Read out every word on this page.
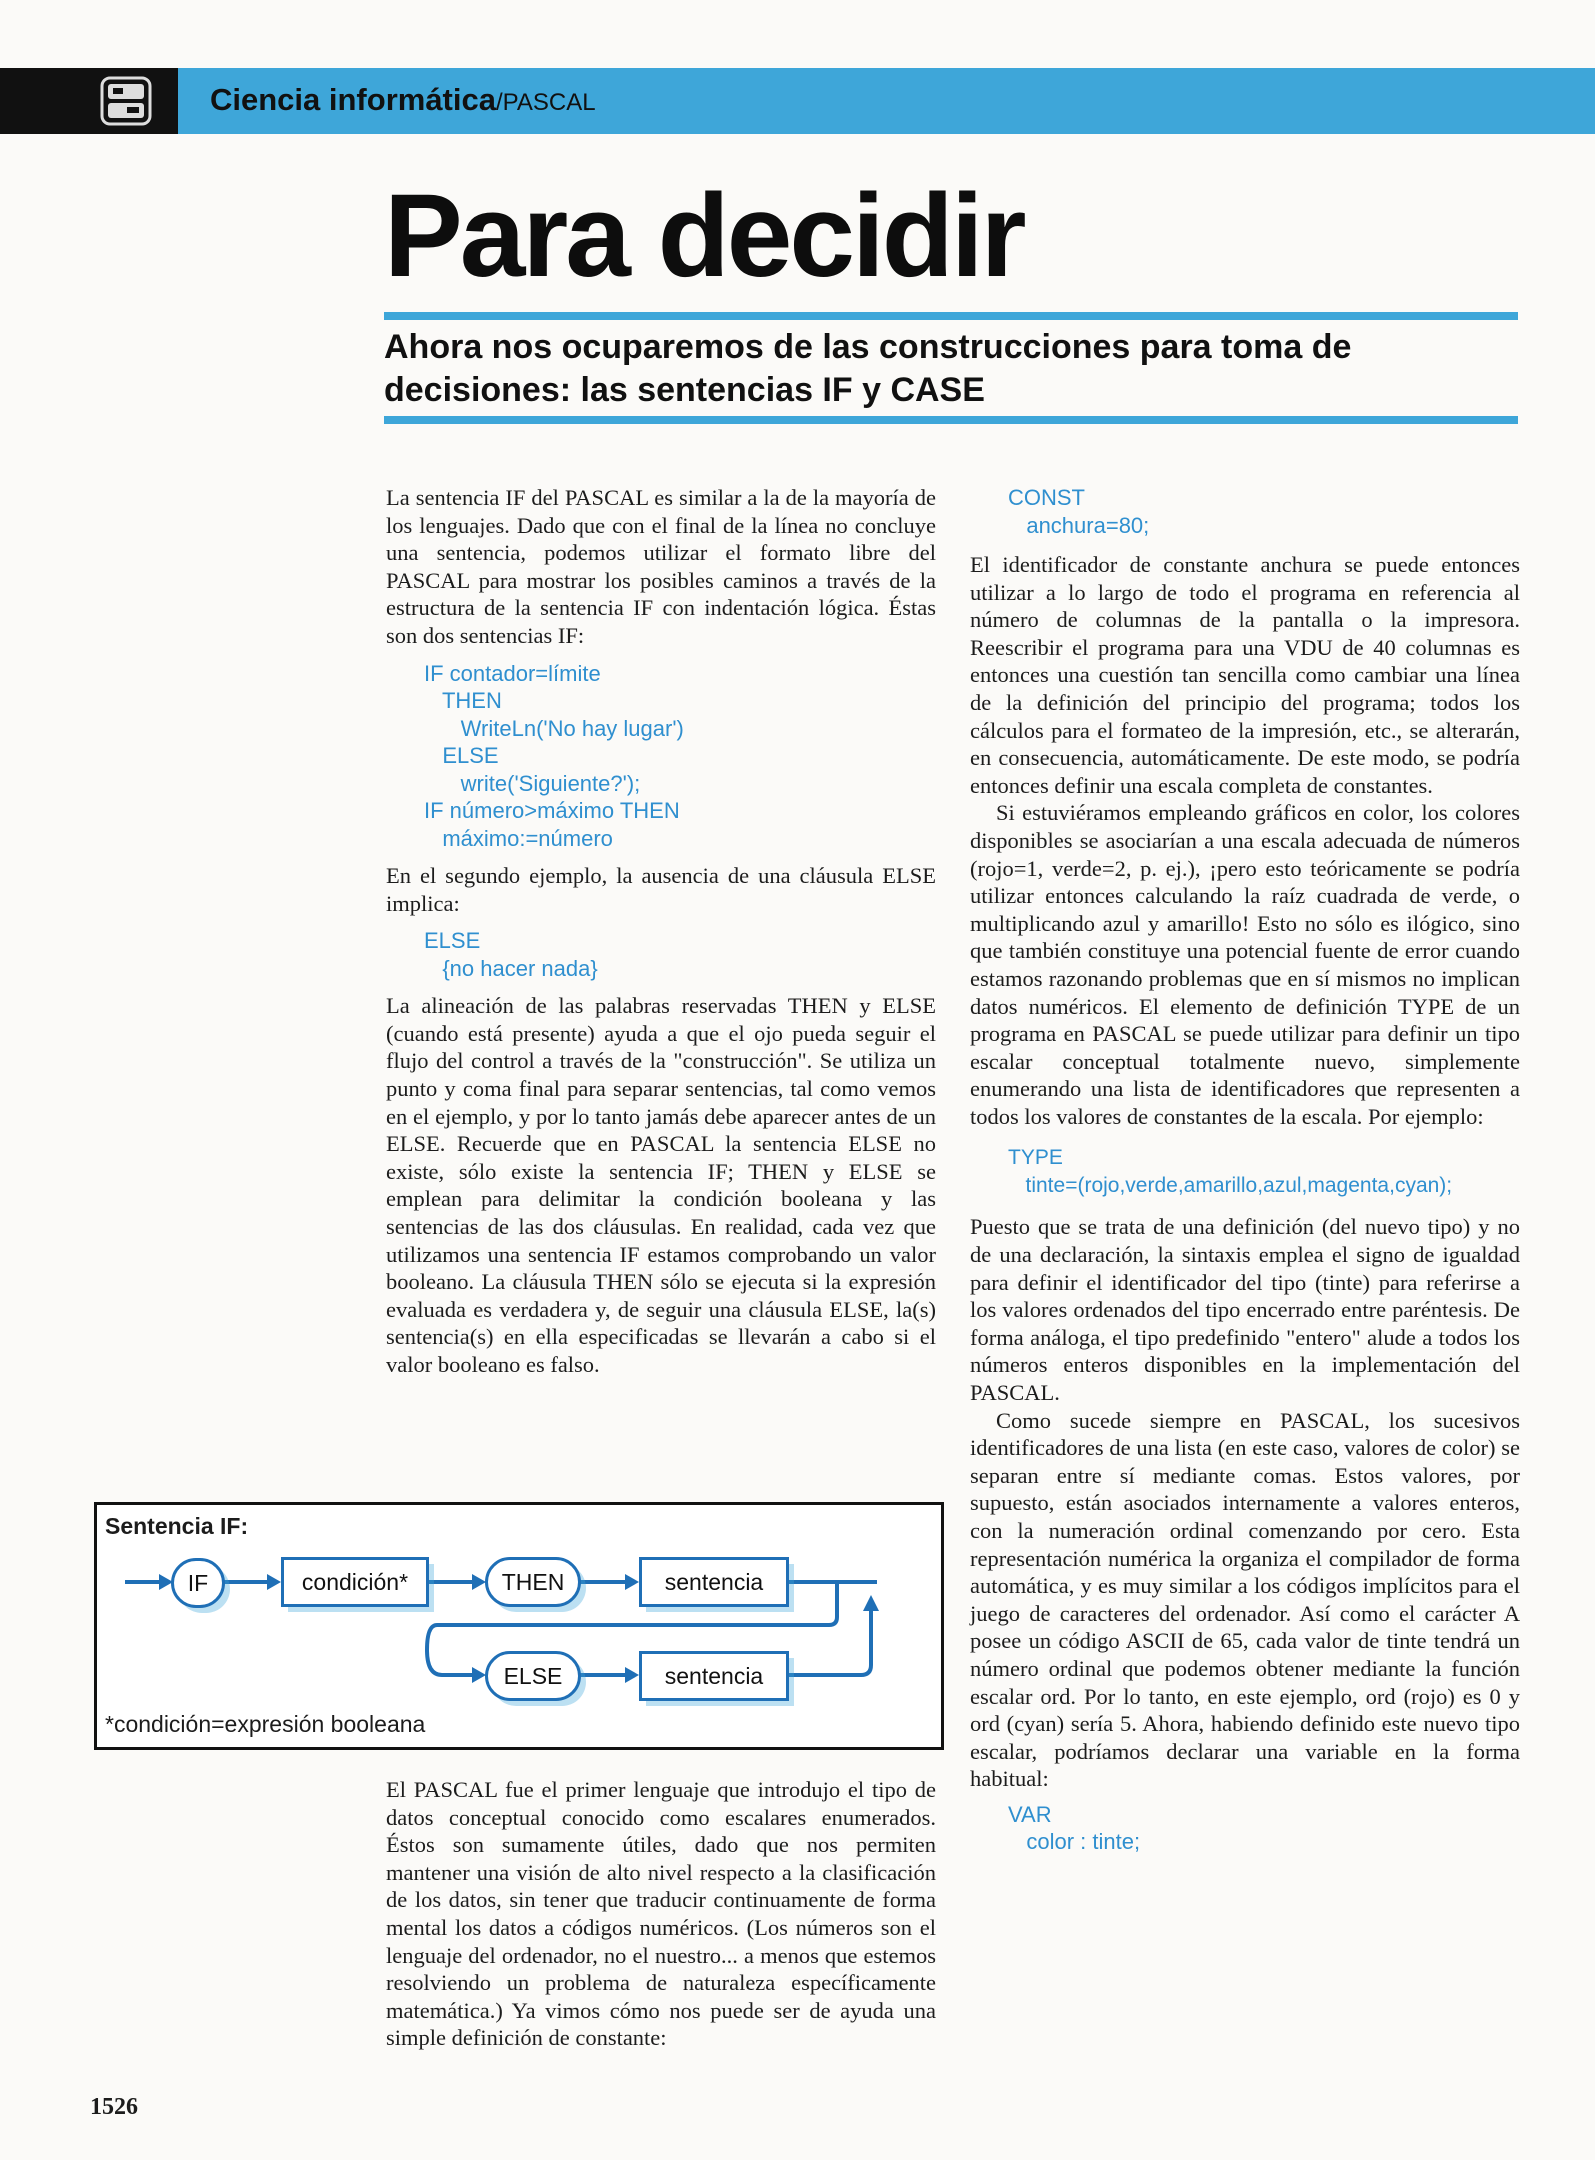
Ciencia informática/PASCAL
Para decidir
Ahora nos ocuparemos de las construcciones para toma de decisiones: las sentencias IF y CASE

La sentencia IF del PASCAL es similar a la de la mayoría de los lenguajes. Dado que con el final de la línea no concluye una sentencia, podemos utilizar el formato libre del PASCAL para mostrar los posibles caminos a través de la estructura de la sentencia IF con indentación lógica. Éstas son dos sentencias IF:

IF contador=límite
THEN
WriteLn('No hay lugar')
ELSE
write('Siguiente?');
IF número>máximo THEN
máximo:=número

En el segundo ejemplo, la ausencia de una cláusula ELSE implica:

ELSE
{no hacer nada}

La alineación de las palabras reservadas THEN y ELSE (cuando está presente) ayuda a que el ojo pueda seguir el flujo del control a través de la "construcción". Se utiliza un punto y coma final para separar sentencias, tal como vemos en el ejemplo, y por lo tanto jamás debe aparecer antes de un ELSE. Recuerde que en PASCAL la sentencia ELSE no existe, sólo existe la sentencia IF; THEN y ELSE se emplean para delimitar la condición booleana y las sentencias de las dos cláusulas. En realidad, cada vez que utilizamos una sentencia IF estamos comprobando un valor booleano. La cláusula THEN sólo se ejecuta si la expresión evaluada es verdadera y, de seguir una cláusula ELSE, la(s) sentencia(s) en ella especificadas se llevarán a cabo si el valor booleano es falso.

Sentencia IF:
IF	condición*	THEN	sentencia
ELSE	sentencia
*condición=expresión booleana

El PASCAL fue el primer lenguaje que introdujo el tipo de datos conceptual conocido como escalares enumerados. Éstos son sumamente útiles, dado que nos permiten mantener una visión de alto nivel respecto a la clasificación de los datos, sin tener que traducir continuamente de forma mental los datos a códigos numéricos. (Los números son el lenguaje del ordenador, no el nuestro... a menos que estemos resolviendo un problema de naturaleza específicamente matemática.) Ya vimos cómo nos puede ser de ayuda una simple definición de constante:

CONST
anchura=80;

El identificador de constante anchura se puede entonces utilizar a lo largo de todo el programa en referencia al número de columnas de la pantalla o la impresora. Reescribir el programa para una VDU de 40 columnas es entonces una cuestión tan sencilla como cambiar una línea de la definición del principio del programa; todos los cálculos para el formateo de la impresión, etc., se alterarán, en consecuencia, automáticamente. De este modo, se podría entonces definir una escala completa de constantes.

Si estuviéramos empleando gráficos en color, los colores disponibles se asociarían a una escala adecuada de números (rojo=1, verde=2, p. ej.), ¡pero esto teóricamente se podría utilizar entonces calculando la raíz cuadrada de verde, o multiplicando azul y amarillo! Esto no sólo es ilógico, sino que también constituye una potencial fuente de error cuando estamos razonando problemas que en sí mismos no implican datos numéricos. El elemento de definición TYPE de un programa en PASCAL se puede utilizar para definir un tipo escalar conceptual totalmente nuevo, simplemente enumerando una lista de identificadores que representen a todos los valores de constantes de la escala. Por ejemplo:

TYPE
tinte=(rojo,verde,amarillo,azul,magenta,cyan);

Puesto que se trata de una definición (del nuevo tipo) y no de una declaración, la sintaxis emplea el signo de igualdad para definir el identificador del tipo (tinte) para referirse a los valores ordenados del tipo encerrado entre paréntesis. De forma análoga, el tipo predefinido "entero" alude a todos los números enteros disponibles en la implementación del PASCAL.

Como sucede siempre en PASCAL, los sucesivos identificadores de una lista (en este caso, valores de color) se separan entre sí mediante comas. Estos valores, por supuesto, están asociados internamente a valores enteros, con la numeración ordinal comenzando por cero. Esta representación numérica la organiza el compilador de forma automática, y es muy similar a los códigos implícitos para el juego de caracteres del ordenador. Así como el carácter A posee un código ASCII de 65, cada valor de tinte tendrá un número ordinal que podemos obtener mediante la función escalar ord. Por lo tanto, en este ejemplo, ord (rojo) es 0 y ord (cyan) sería 5. Ahora, habiendo definido este nuevo tipo escalar, podríamos declarar una variable en la forma habitual:

VAR
color : tinte;
1526
